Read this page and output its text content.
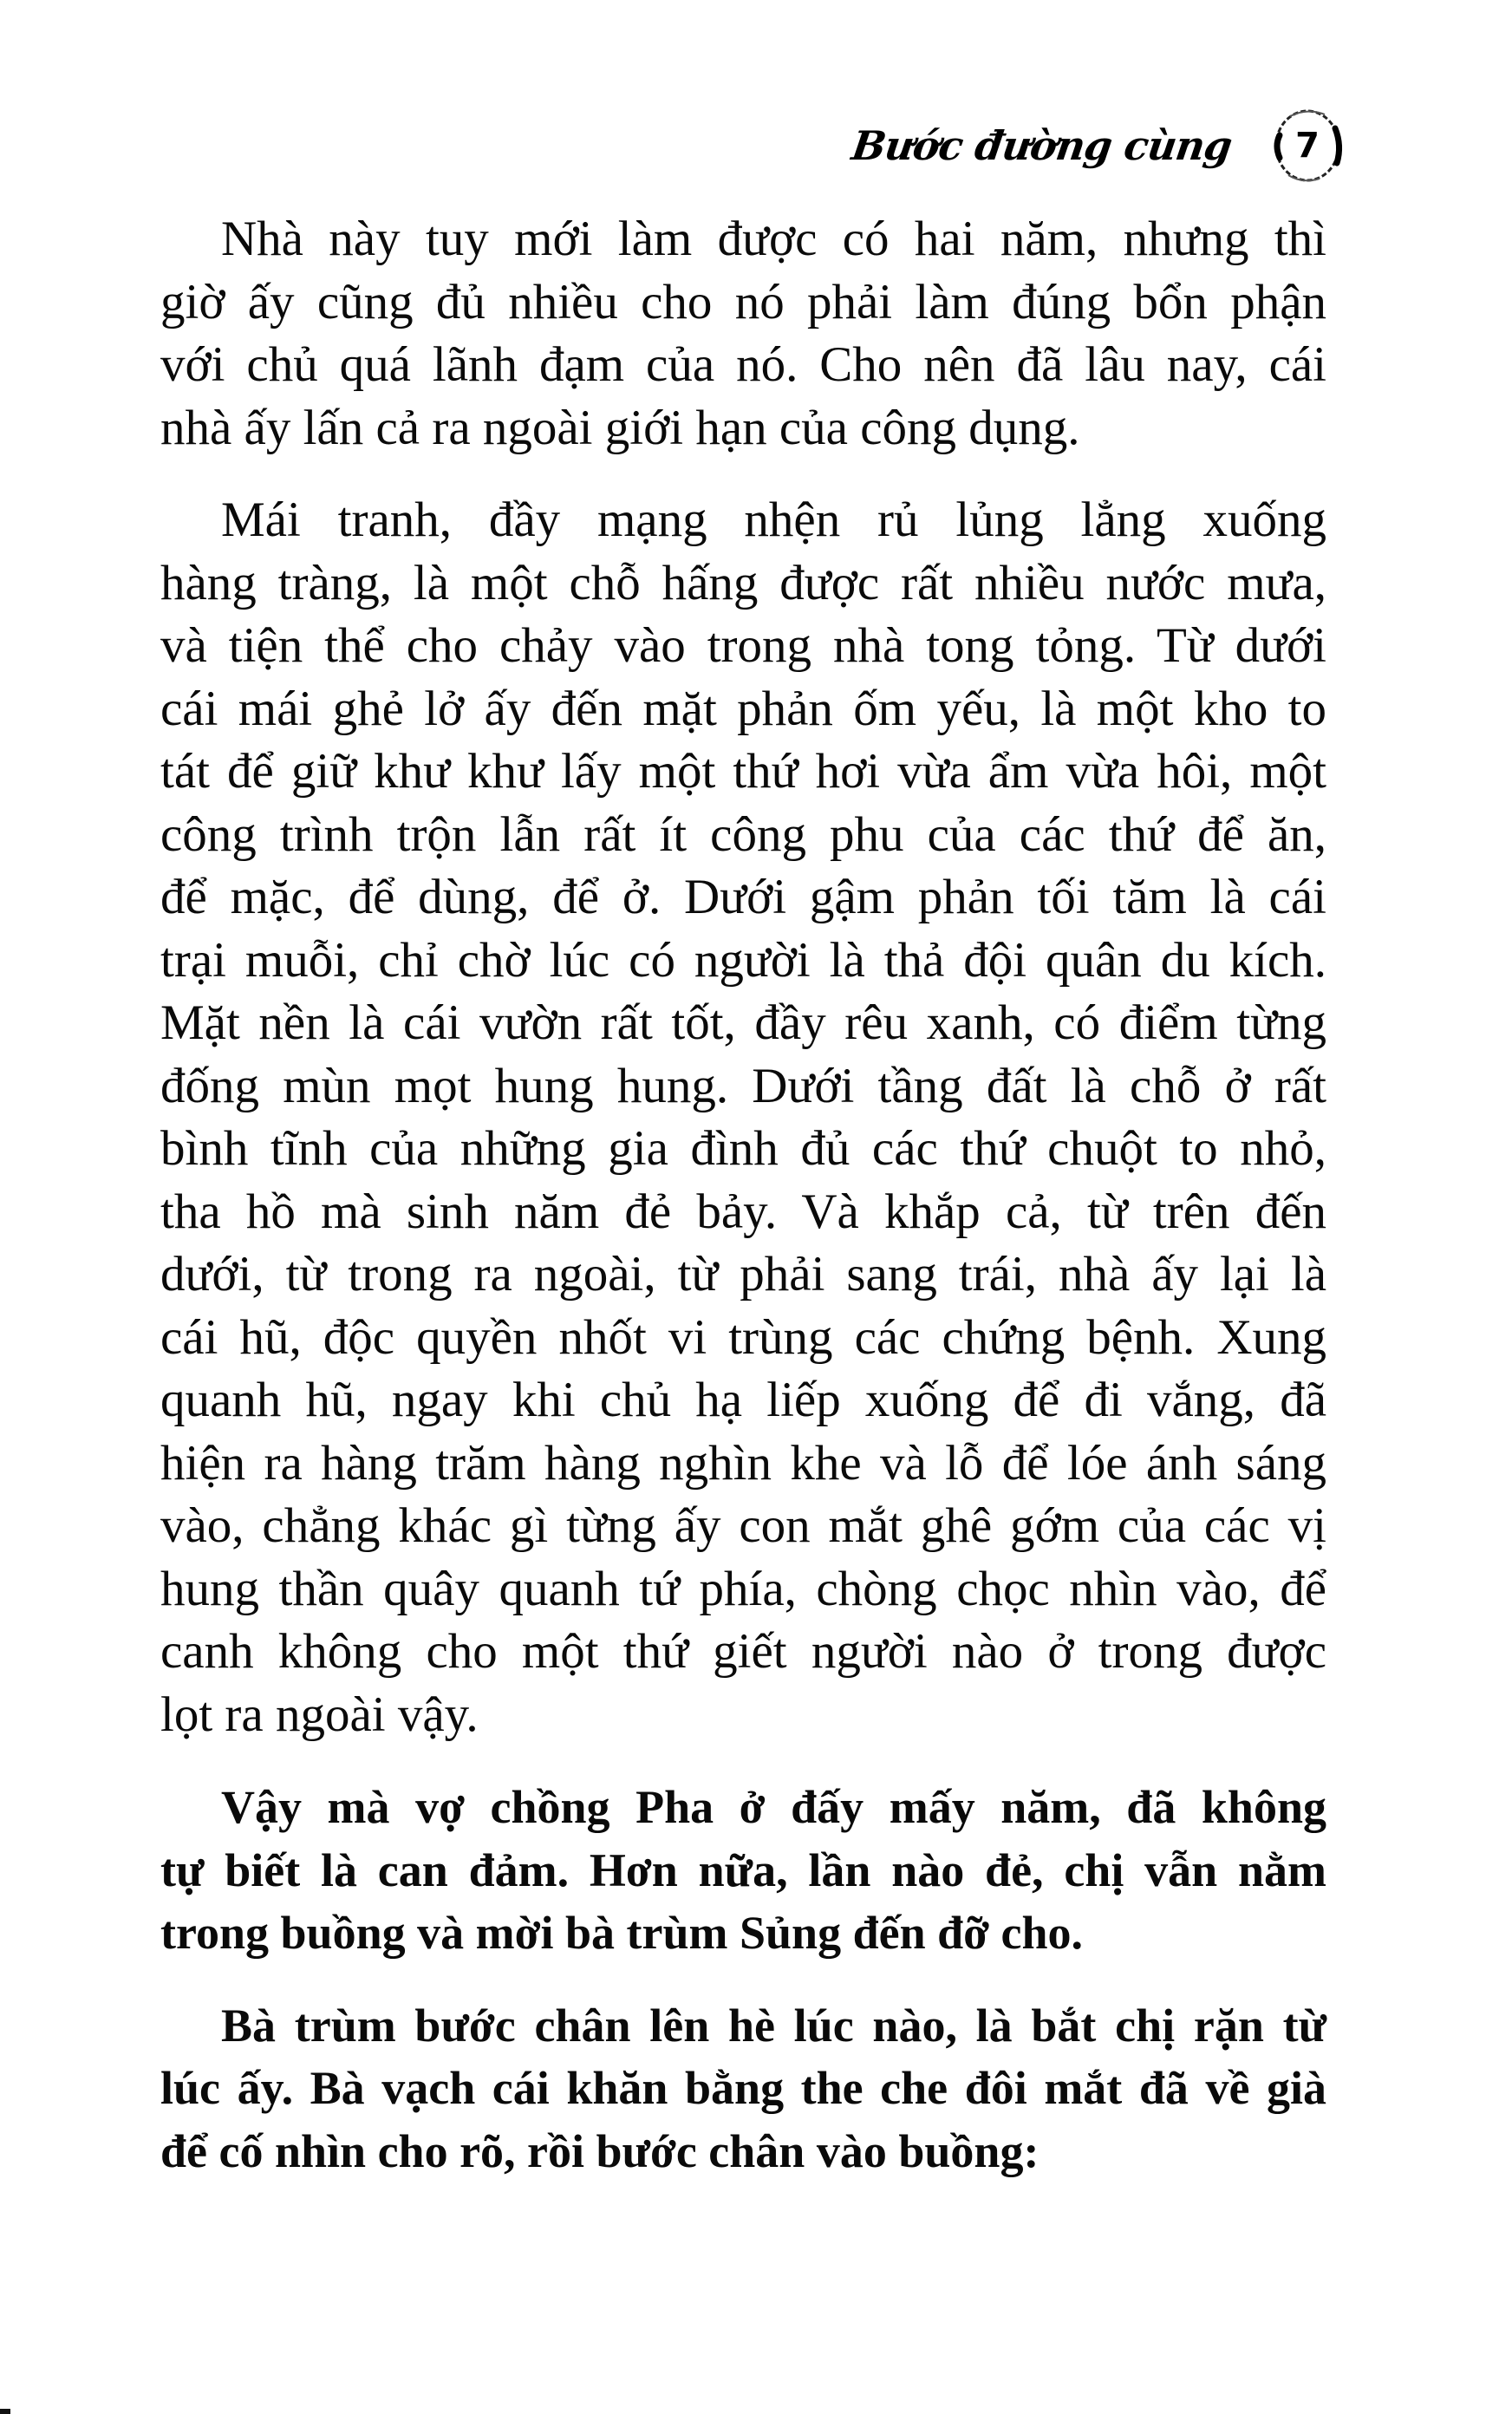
Bước đường cùng 7
Nhà này tuy mới làm được có hai năm, nhưng thì
giờ ấy cũng đủ nhiều cho nó phải làm đúng bổn phận
với chủ quá lãnh đạm của nó. Cho nên đã lâu nay, cái
nhà ấy lấn cả ra ngoài giới hạn của công dụng.
Mái tranh, đầy mạng nhện rủ lủng lẳng xuống
hàng tràng, là một chỗ hấng được rất nhiều nước mưa,
và tiện thể cho chảy vào trong nhà tong tỏng. Từ dưới
cái mái ghẻ lở ấy đến mặt phản ốm yếu, là một kho to
tát để giữ khư khư lấy một thứ hơi vừa ẩm vừa hôi, một
công trình trộn lẫn rất ít công phu của các thứ để ăn,
để mặc, để dùng, để ở. Dưới gậm phản tối tăm là cái
trại muỗi, chỉ chờ lúc có người là thả đội quân du kích.
Mặt nền là cái vườn rất tốt, đầy rêu xanh, có điểm từng
đống mùn mọt hung hung. Dưới tầng đất là chỗ ở rất
bình tĩnh của những gia đình đủ các thứ chuột to nhỏ,
tha hồ mà sinh năm đẻ bảy. Và khắp cả, từ trên đến
dưới, từ trong ra ngoài, từ phải sang trái, nhà ấy lại là
cái hũ, độc quyền nhốt vi trùng các chứng bệnh. Xung
quanh hũ, ngay khi chủ hạ liếp xuống để đi vắng, đã
hiện ra hàng trăm hàng nghìn khe và lỗ để lóe ánh sáng
vào, chẳng khác gì từng ấy con mắt ghê gớm của các vị
hung thần quây quanh tứ phía, chòng chọc nhìn vào, để
canh không cho một thứ giết người nào ở trong được
lọt ra ngoài vậy.
Vậy mà vợ chồng Pha ở đấy mấy năm, đã không
tự biết là can đảm. Hơn nữa, lần nào đẻ, chị vẫn nằm
trong buồng và mời bà trùm Sủng đến đỡ cho.
Bà trùm bước chân lên hè lúc nào, là bắt chị rặn từ
lúc ấy. Bà vạch cái khăn bằng the che đôi mắt đã về già
để cố nhìn cho rõ, rồi bước chân vào buồng:
